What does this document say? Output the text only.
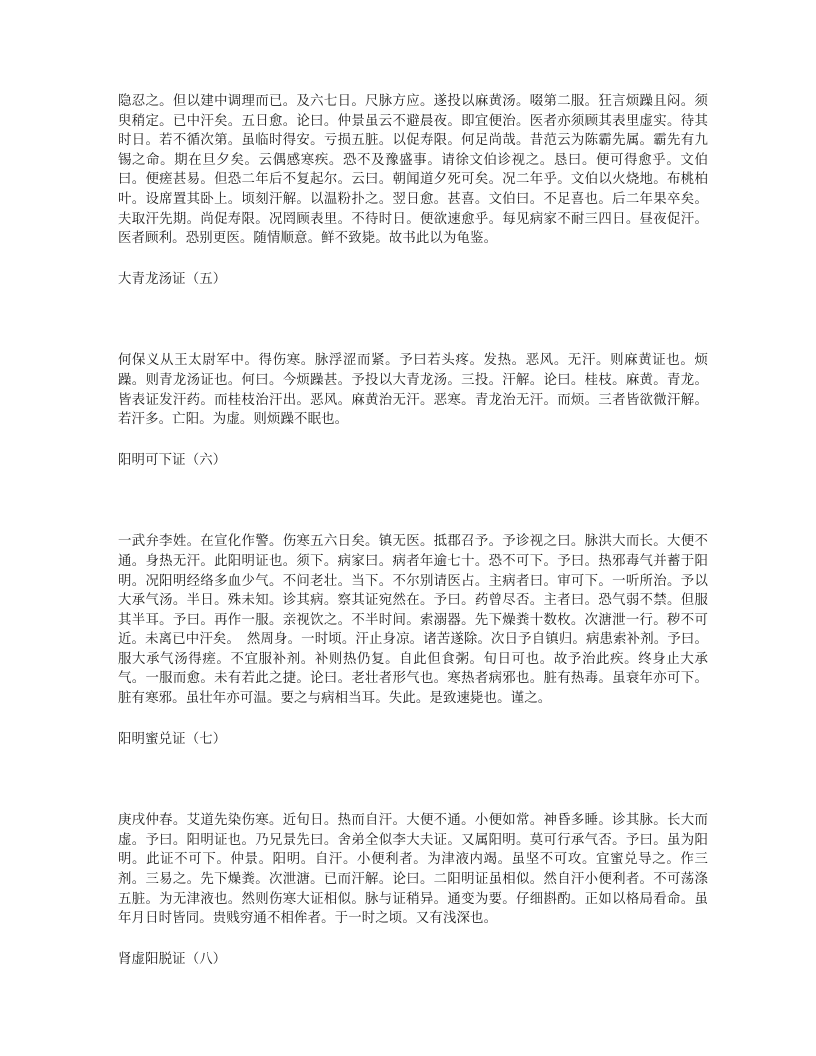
隐忍之。但以建中调理而已。及六七日。尺脉方应。遂投以麻黄汤。啜第二服。狂言烦躁且闷。须臾稍定。已中汗矣。五日愈。论曰。仲景虽云不避晨夜。即宜便治。医者亦须顾其表里虚实。待其时日。若不循次第。虽临时得安。亏损五脏。以促寿限。何足尚哉。昔范云为陈霸先属。霸先有九锡之命。期在旦夕矣。云偶感寒疾。恐不及豫盛事。请徐文伯诊视之。恳曰。便可得愈乎。文伯曰。便瘥甚易。但恐二年后不复起尔。云曰。朝闻道夕死可矣。况二年乎。文伯以火烧地。布桃柏叶。设席置其卧上。顷刻汗解。以温粉扑之。翌日愈。甚喜。文伯曰。不足喜也。后二年果卒矣。夫取汗先期。尚促寿限。况罔顾表里。不待时日。便欲速愈乎。每见病家不耐三四日。昼夜促汗。医者顾利。恐别更医。随情顺意。鲜不致毙。故书此以为龟鉴。

大青龙汤证（五）

何保义从王太尉军中。得伤寒。脉浮涩而紧。予曰若头疼。发热。恶风。无汗。则麻黄证也。烦躁。则青龙汤证也。何曰。今烦躁甚。予投以大青龙汤。三投。汗解。论曰。桂枝。麻黄。青龙。皆表证发汗药。而桂枝治汗出。恶风。麻黄治无汗。恶寒。青龙治无汗。而烦。三者皆欲微汗解。若汗多。亡阳。为虚。则烦躁不眠也。

阳明可下证（六）

一武弁李姓。在宣化作警。伤寒五六日矣。镇无医。抵郡召予。予诊视之曰。脉洪大而长。大便不通。身热无汗。此阳明证也。须下。病家曰。病者年逾七十。恐不可下。予曰。热邪毒气并蓄于阳明。况阳明经络多血少气。不问老壮。当下。不尔别请医占。主病者曰。审可下。一听所治。予以大承气汤。半日。殊未知。诊其病。察其证宛然在。予曰。药曾尽否。主者曰。恐气弱不禁。但服其半耳。予曰。再作一服。亲视饮之。不半时间。索溺器。先下燥粪十数枚。次溏泄一行。秽不可近。未离已中汗矣。　然周身。一时顷。汗止身凉。诸苦遂除。次日予自镇归。病患索补剂。予曰。服大承气汤得瘥。不宜服补剂。补则热仍复。自此但食粥。旬日可也。故予治此疾。终身止大承气。一服而愈。未有若此之捷。论曰。老壮者形气也。寒热者病邪也。脏有热毒。虽衰年亦可下。脏有寒邪。虽壮年亦可温。要之与病相当耳。失此。是致速毙也。谨之。

阳明蜜兑证（七）

庚戌仲春。艾道先染伤寒。近旬日。热而自汗。大便不通。小便如常。神昏多睡。诊其脉。长大而虚。予曰。阳明证也。乃兄景先曰。舍弟全似李大夫证。又属阳明。莫可行承气否。予曰。虽为阳明。此证不可下。仲景。阳明。自汗。小便利者。为津液内竭。虽坚不可攻。宜蜜兑导之。作三剂。三易之。先下燥粪。次泄溏。已而汗解。论曰。二阳明证虽相似。然自汗小便利者。不可荡涤五脏。为无津液也。然则伤寒大证相似。脉与证稍异。通变为要。仔细斟酌。正如以格局看命。虽年月日时皆同。贵贱穷通不相侔者。于一时之顷。又有浅深也。

肾虚阳脱证（八）
